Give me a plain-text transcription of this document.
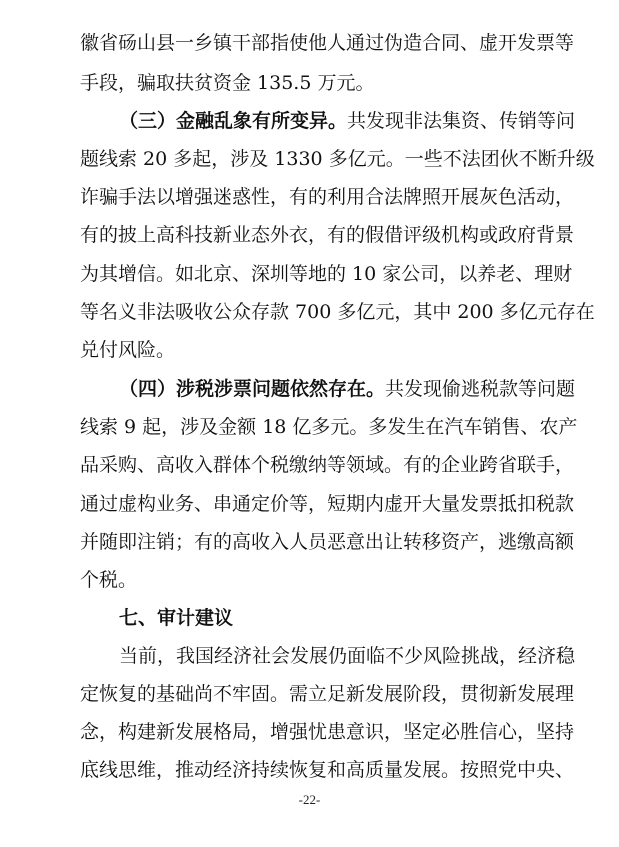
徽省砀山县一乡镇干部指使他人通过伪造合同、虚开发票等
手段，骗取扶贫资金 135.5 万元。
（三）金融乱象有所变异。共发现非法集资、传销等问
题线索 20 多起，涉及 1330 多亿元。一些不法团伙不断升级
诈骗手法以增强迷惑性，有的利用合法牌照开展灰色活动，
有的披上高科技新业态外衣，有的假借评级机构或政府背景
为其增信。如北京、深圳等地的 10 家公司，以养老、理财
等名义非法吸收公众存款 700 多亿元，其中 200 多亿元存在
兑付风险。
（四）涉税涉票问题依然存在。共发现偷逃税款等问题
线索 9 起，涉及金额 18 亿多元。多发生在汽车销售、农产
品采购、高收入群体个税缴纳等领域。有的企业跨省联手，
通过虚构业务、串通定价等，短期内虚开大量发票抵扣税款
并随即注销；有的高收入人员恶意出让转移资产，逃缴高额
个税。
七、审计建议
当前，我国经济社会发展仍面临不少风险挑战，经济稳
定恢复的基础尚不牢固。需立足新发展阶段，贯彻新发展理
念，构建新发展格局，增强忧患意识，坚定必胜信心，坚持
底线思维，推动经济持续恢复和高质量发展。按照党中央、
-22-
